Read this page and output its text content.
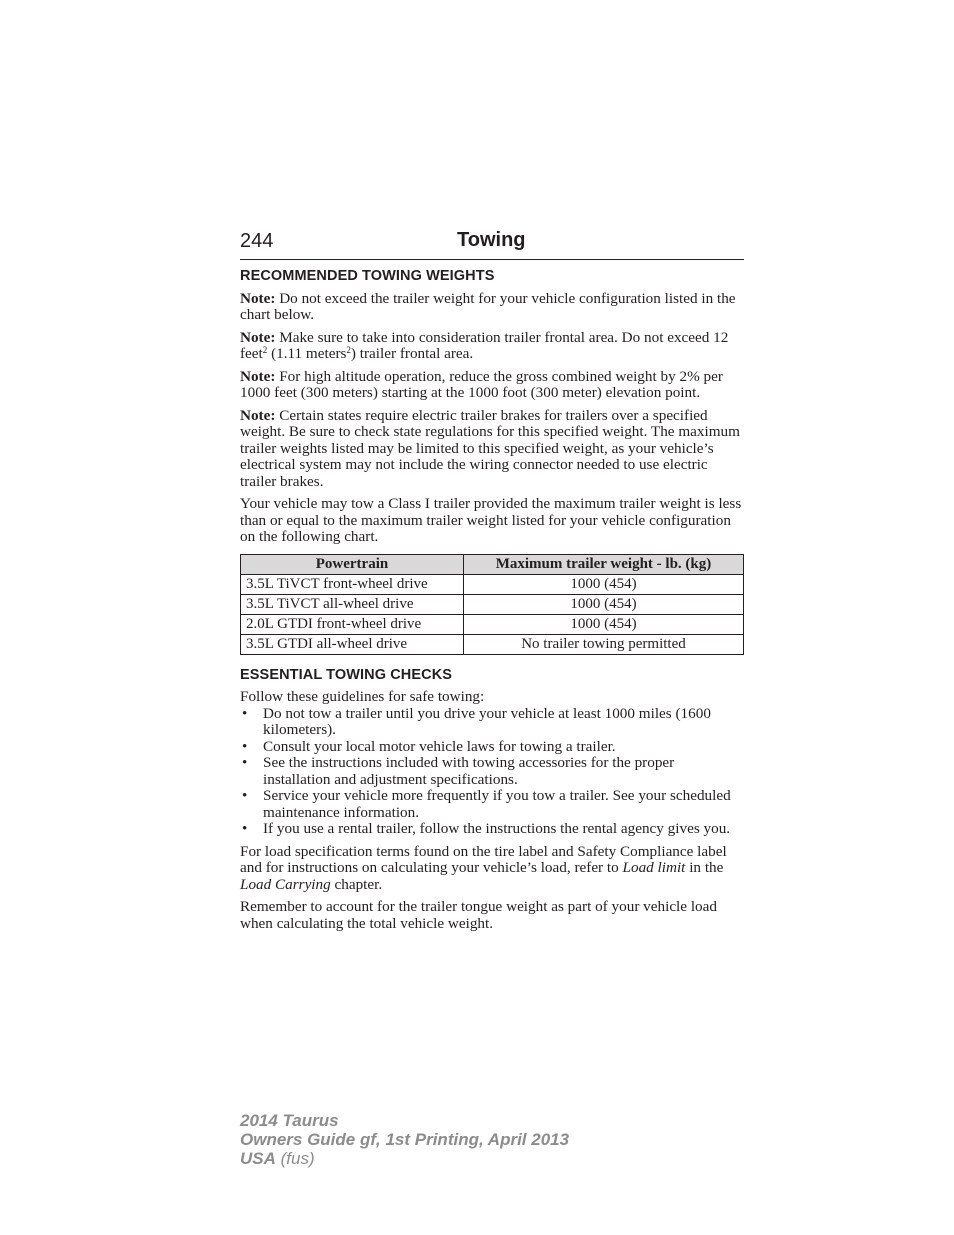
244	Towing
RECOMMENDED TOWING WEIGHTS

Note: Do not exceed the trailer weight for your vehicle configuration listed in the chart below.

Note: Make sure to take into consideration trailer frontal area. Do not exceed 12 feet$^2$ (1.11 meters$^2$) trailer frontal area.

Note: For high altitude operation, reduce the gross combined weight by 2% per 1000 feet (300 meters) starting at the 1000 foot (300 meter) elevation point.

Note: Certain states require electric trailer brakes for trailers over a specified weight. Be sure to check state regulations for this specified weight. The maximum trailer weights listed may be limited to this specified weight, as your vehicle’s electrical system may not include the wiring connector needed to use electric trailer brakes.

Your vehicle may tow a Class I trailer provided the maximum trailer weight is less than or equal to the maximum trailer weight listed for your vehicle configuration on the following chart.

Powertrain	Maximum trailer weight - lb. (kg)
3.5L TiVCT front-wheel drive	1000 (454)
3.5L TiVCT all-wheel drive	1000 (454)
2.0L GTDI front-wheel drive	1000 (454)
3.5L GTDI all-wheel drive	No trailer towing permitted
ESSENTIAL TOWING CHECKS

Follow these guidelines for safe towing:

• Do not tow a trailer until you drive your vehicle at least 1000 miles (1600 kilometers).
• Consult your local motor vehicle laws for towing a trailer.
• See the instructions included with towing accessories for the proper installation and adjustment specifications.
• Service your vehicle more frequently if you tow a trailer. See your scheduled maintenance information.
• If you use a rental trailer, follow the instructions the rental agency gives you.

For load specification terms found on the tire label and Safety Compliance label and for instructions on calculating your vehicle’s load, refer to Load limit in the Load Carrying chapter.

Remember to account for the trailer tongue weight as part of your vehicle load when calculating the total vehicle weight.

2014 Taurus
Owners Guide gf, 1st Printing, April 2013
USA (fus)
